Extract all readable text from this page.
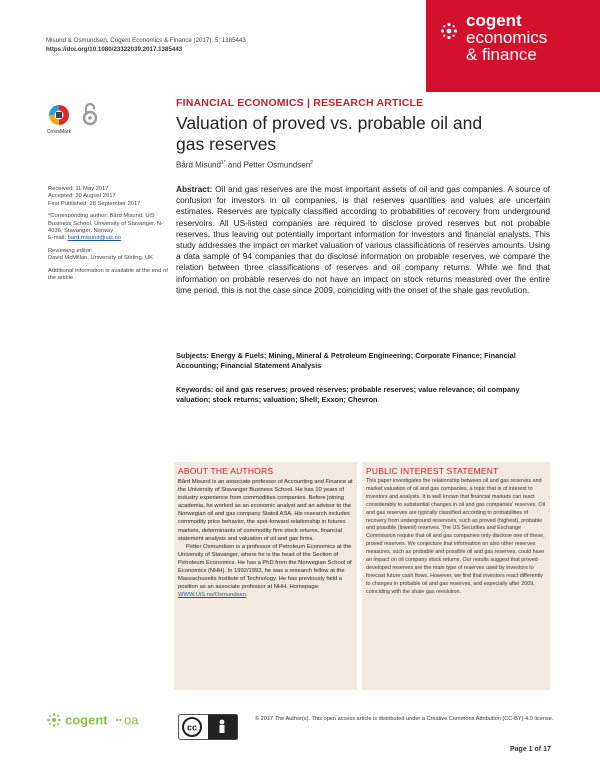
Misund & Osmundsen, Cogent Economics & Finance (2017), 5: 1385443
https://doi.org/10.1080/23322039.2017.1385443
cogent
economics
& finance
CrossMark
FINANCIAL ECONOMICS | RESEARCH ARTICLE
Valuation of proved vs. probable oil and gas reserves
Bård Misund$^{1*}$ and Petter Osmundsen$^2$

Received: 11 May 2017
Accepted: 30 August 2017
First Published: 28 September 2017

*Corresponding author: Bård Misund, UiS Business School, University of Stavanger, N-4036, Stavanger, Norway
E-mail: bard.misund@uis.no

Reviewing editor:
David McMillan, University of Stirling, UK

Additional information is available at the end of the article

Abstract: Oil and gas reserves are the most important assets of oil and gas companies. A source of confusion for investors in oil companies, is that reserves quantities and values are uncertain estimates. Reserves are typically classified according to probabilities of recovery from underground reservoirs. All US-listed companies are required to disclose proved reserves but not probable reserves, thus leaving out potentially important information for investors and financial analysts. This study addresses the impact on market valuation of various classifications of reserves amounts. Using a data sample of 94 companies that do disclose information on probable reserves, we compare the relation between three classifications of reserves and oil company returns. While we find that information on probable reserves do not have an impact on stock returns measured over the entire time period, this is not the case since 2009, coinciding with the onset of the shale gas revolution.
Subjects: Energy & Fuels; Mining, Mineral & Petroleum Engineering; Corporate Finance; Financial Accounting; Financial Statement Analysis
Keywords: oil and gas reserves; proved reserves; probable reserves; value relevance; oil company valuation; stock returns; valuation; Shell; Exxon; Chevron
ABOUT THE AUTHORS

Bård Misund is an associate professor of Accounting and Finance at the University of Stavanger Business School. He has 10 years of industry experience from commodities companies. Before joining academia, he worked as an economic analyst and an advisor to the Norwegian oil and gas company Statoil ASA. His research includes commodity price behavior, the spot-forward relationship in futures markets, determinants of commodity firm stock returns, financial statement analysis and valuation of oil and gas firms.

Petter Osmundsen is a professor of Petroleum Economics at the University of Stavanger, where he is the head of the Section of Petroleum Economics. He has a PhD from the Norwegian School of Economics (NHH). In 1992/1993, he was a research fellow at the Massachusetts Institute of Technology. He has previously held a position as an associate professor at NHH. Homepage: WWW.UiS.no/Osmundsen.

PUBLIC INTEREST STATEMENT

This paper investigates the relationship between oil and gas reserves and market valuation of oil and gas companies, a topic that is of interest to investors and analysts. It is well known that financial markets can react considerably to substantial changes in oil and gas companies' reserves. Oil and gas reserves are typically classified according to probabilities of recovery from underground reservoirs, such as proved (highest), probable and possible (lowest) reserves. The US Securities and Exchange Commission require that oil and gas companies only disclose one of these, proved reserves. We conjecture that information on also other reserves measures, such as probable and possible oil and gas reserves, could have an impact on oil company stock returns. Our results suggest that proved developed reserves are the main type of reserves used by investors to forecast future cash flows. However, we find that investors react differently to changes in probable oil and gas reserves, and especially after 2009, coinciding with the shale gas revolution.

cogent oa	cc
© 2017 The Author(s). This open access article is distributed under a Creative Commons Attribution (CC-BY) 4.0 license.
Page 1 of 17
